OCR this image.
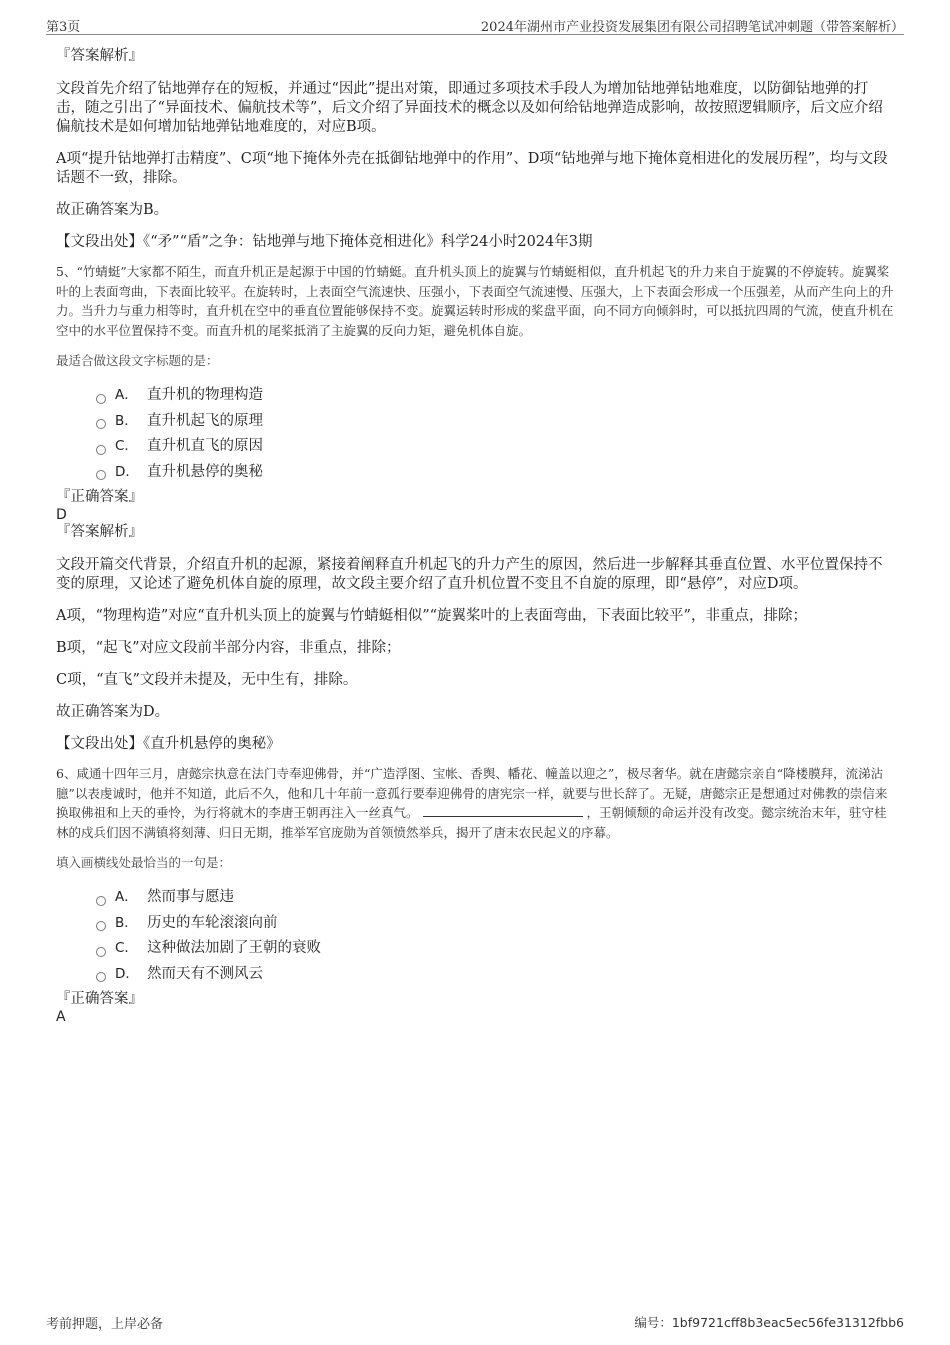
第3页	2024年湖州市产业投资发展集团有限公司招聘笔试冲刺题（带答案解析）

『答案解析』

文段首先介绍了钻地弹存在的短板，并通过“因此”提出对策，即通过多项技术手段人为增加钻地弹钻地难度，以防御钻地弹的打击，随之引出了“异面技术、偏航技术等”，后文介绍了异面技术的概念以及如何给钻地弹造成影响，故按照逻辑顺序，后文应介绍偏航技术是如何增加钻地弹钻地难度的，对应B项。

A项“提升钻地弹打击精度”、C项“地下掩体外壳在抵御钻地弹中的作用”、D项“钻地弹与地下掩体竟相进化的发展历程”，均与文段话题不一致，排除。

故正确答案为B。

【文段出处】《“矛”“盾”之争：钻地弹与地下掩体竞相进化》科学24小时2024年3期

5、“竹蜻蜓”大家都不陌生，而直升机正是起源于中国的竹蜻蜓。直升机头顶上的旋翼与竹蜻蜓相似，直升机起飞的升力来自于旋翼的不停旋转。旋翼桨叶的上表面弯曲，下表面比较平。在旋转时，上表面空气流速快、压强小，下表面空气流速慢、压强大，上下表面会形成一个压强差，从而产生向上的升力。当升力与重力相等时，直升机在空中的垂直位置能够保持不变。旋翼运转时形成的桨盘平面，向不同方向倾斜时，可以抵抗四周的气流，使直升机在空中的水平位置保持不变。而直升机的尾桨抵消了主旋翼的反向力矩，避免机体自旋。

最适合做这段文字标题的是：

A． 直升机的物理构造
B． 直升机起飞的原理
C． 直升机直飞的原因
D． 直升机悬停的奥秘

『正确答案』

D

『答案解析』

文段开篇交代背景，介绍直升机的起源，紧接着阐释直升机起飞的升力产生的原因，然后进一步解释其垂直位置、水平位置保持不变的原理，又论述了避免机体自旋的原理，故文段主要介绍了直升机位置不变且不自旋的原理，即“悬停”，对应D项。

A项，“物理构造”对应“直升机头顶上的旋翼与竹蜻蜓相似”“旋翼桨叶的上表面弯曲，下表面比较平”，非重点，排除；

B项，“起飞”对应文段前半部分内容，非重点，排除；

C项，“直飞”文段并未提及，无中生有，排除。

故正确答案为D。

【文段出处】《直升机悬停的奥秘》

6、咸通十四年三月，唐懿宗执意在法门寺奉迎佛骨，并“广造浮图、宝帐、香舆、幡花、幢盖以迎之”，极尽奢华。就在唐懿宗亲自“降楼膜拜，流涕沾臆”以表虔诚时，他并不知道，此后不久，他和几十年前一意孤行要奉迎佛骨的唐宪宗一样，就要与世长辞了。无疑，唐懿宗正是想通过对佛教的崇信来换取佛祖和上天的垂怜，为行将就木的李唐王朝再注入一丝真气。	，王朝倾颓的命运并没有改变。懿宗统治末年，驻守桂林的戍兵们因不满镇将刻薄、归日无期，推举军官庞勋为首领愤然举兵，揭开了唐末农民起义的序幕。

填入画横线处最恰当的一句是：

A． 然而事与愿违
B． 历史的车轮滚滚向前
C． 这种做法加剧了王朝的衰败
D． 然而天有不测风云

『正确答案』

A

考前押题，上岸必备	编号：1bf9721cff8b3eac5ec56fe31312fbb6
